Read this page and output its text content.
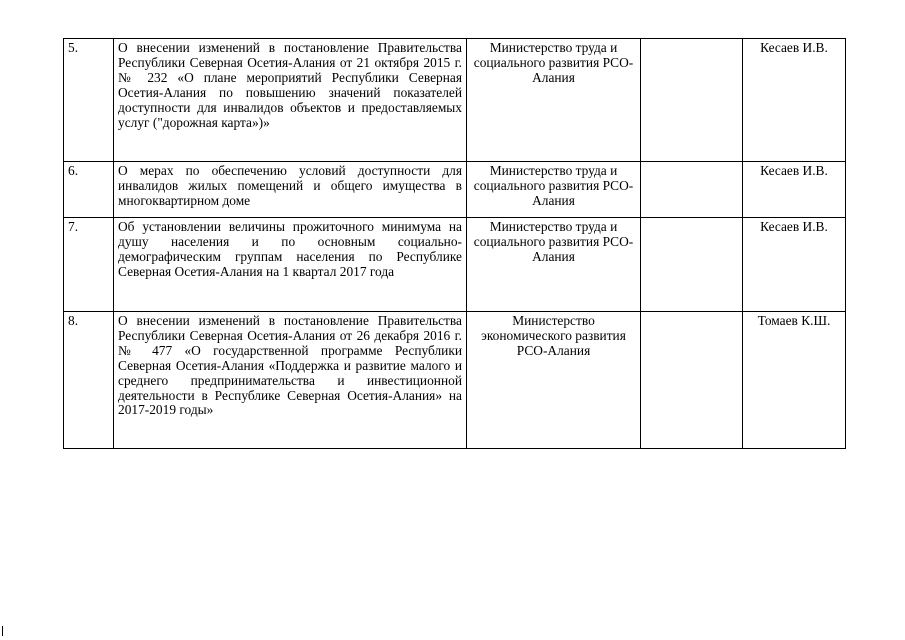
5.	О внесении изменений в постановление Правительства Республики Северная Осетия-Алания от 21 октября 2015 г. № 232 «О плане мероприятий Республики Северная Осетия-Алания по повышению значений показателей доступности для инвалидов объектов и предоставляемых услуг ("дорожная карта»)»	Министерство труда и социального развития РСО-Алания		Кесаев И.В.
6.	О мерах по обеспечению условий доступности для инвалидов жилых помещений и общего имущества в многоквартирном доме	Министерство труда и социального развития РСО-Алания		Кесаев И.В.
7.	Об установлении величины прожиточного минимума на душу населения и по основным социально-демографическим группам населения по Республике Северная Осетия-Алания на 1 квартал 2017 года	Министерство труда и социального развития РСО-Алания		Кесаев И.В.
8.	О внесении изменений в постановление Правительства Республики Северная Осетия-Алания от 26 декабря 2016 г. № 477 «О государственной программе Республики Северная Осетия-Алания «Поддержка и развитие малого и среднего предпринимательства и инвестиционной деятельности в Республике Северная Осетия-Алания» на 2017-2019 годы»	Министерство экономического развития РСО-Алания		Томаев К.Ш.
